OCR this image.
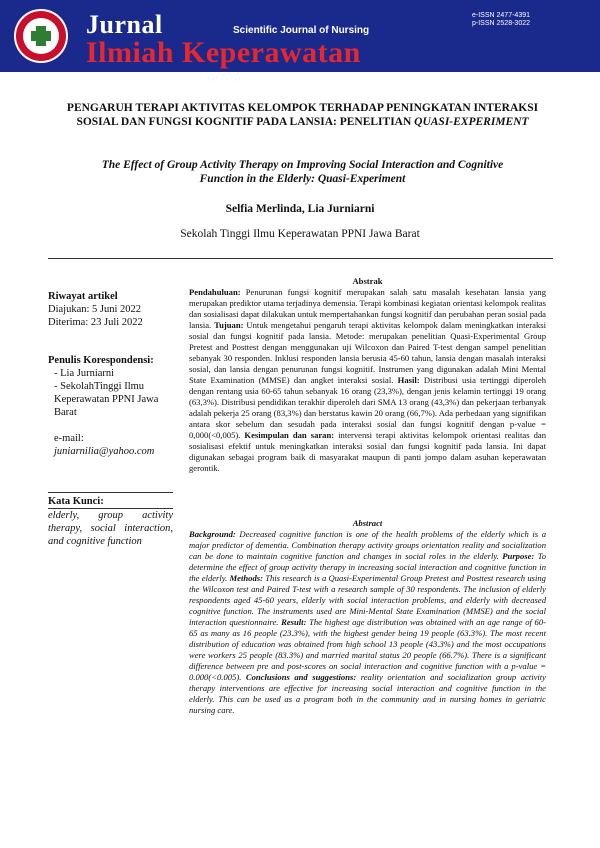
Jurnal
Ilmiah Keperawatan
Scientific Journal of Nursing
e-ISSN 2477-4391
p-ISSN 2528-3022
PENGARUH TERAPI AKTIVITAS KELOMPOK TERHADAP PENINGKATAN INTERAKSI SOSIAL DAN FUNGSI KOGNITIF PADA LANSIA: PENELITIAN QUASI-EXPERIMENT
The Effect of Group Activity Therapy on Improving Social Interaction and Cognitive Function in the Elderly: Quasi-Experiment
Selfia Merlinda, Lia Jurniarni
Sekolah Tinggi Ilmu Keperawatan PPNI Jawa Barat
Riwayat artikel
Diajukan: 5 Juni 2022
Diterima: 23 Juli 2022
Penulis Korespondensi:
- Lia Jurniarni
- SekolahTinggi Ilmu Keperawatan PPNI Jawa Barat
e-mail:
juniarnilia@yahoo.com
Kata Kunci:
elderly, group activity therapy, social interaction, and cognitive function
Abstrak
Pendahuluan: Penurunan fungsi kognitif merupakan salah satu masalah kesehatan lansia yang merupakan prediktor utama terjadinya demensia. Terapi kombinasi kegiatan orientasi kelompok realitas dan sosialisasi dapat dilakukan untuk mempertahankan fungsi kognitif dan perubahan peran sosial pada lansia. Tujuan: Untuk mengetahui pengaruh terapi aktivitas kelompok dalam meningkatkan interaksi sosial dan fungsi kognitif pada lansia. Metode: merupakan penelitian Quasi-Experimental Group Pretest and Posttest dengan menggunakan uji Wilcoxon dan Paired T-test dengan sampel penelitian sebanyak 30 responden. Inklusi responden lansia berusia 45-60 tahun, lansia dengan masalah interaksi sosial, dan lansia dengan penurunan fungsi kognitif. Instrumen yang digunakan adalah Mini Mental State Examination (MMSE) dan angket interaksi sosial. Hasil: Distribusi usia tertinggi diperoleh dengan rentang usia 60-65 tahun sebanyak 16 orang (23,3%), dengan jenis kelamin tertinggi 19 orang (63,3%). Distribusi pendidikan terakhir diperoleh dari SMA 13 orang (43,3%) dan pekerjaan terbanyak adalah pekerja 25 orang (83,3%) dan berstatus kawin 20 orang (66,7%). Ada perbedaan yang signifikan antara skor sebelum dan sesudah pada interaksi sosial dan fungsi kognitif dengan p-value = 0,000(<0,005). Kesimpulan dan saran: intervensi terapi aktivitas kelompok orientasi realitas dan sosialisasi efektif untuk meningkatkan interaksi sosial dan fungsi kognitif pada lansia. Ini dapat digunakan sebagai program baik di masyarakat maupun di panti jompo dalam asuhan keperawatan gerontik.
Abstract
Background: Decreased cognitive function is one of the health problems of the elderly which is a major predictor of dementia. Combination therapy activity groups orientation reality and socialization can be done to maintain cognitive function and changes in social roles in the elderly. Purpose: To determine the effect of group activity therapy in increasing social interaction and cognitive function in the elderly. Methods: This research is a Quasi-Experimental Group Pretest and Posttest research using the Wilcoxon test and Paired T-test with a research sample of 30 respondents. The inclusion of elderly respondents aged 45-60 years, elderly with social interaction problems, and elderly with decreased cognitive function. The instruments used are Mini-Mental State Examination (MMSE) and the social interaction questionnaire. Result: The highest age distribution was obtained with an age range of 60-65 as many as 16 people (23.3%), with the highest gender being 19 people (63.3%). The most recent distribution of education was obtained from high school 13 people (43.3%) and the most occupations were workers 25 people (83.3%) and married marital status 20 people (66.7%). There is a significant difference between pre and post-scores on social interaction and cognitive function with a p-value = 0.000(<0.005). Conclusions and suggestions: reality orientation and socialization group activity therapy interventions are effective for increasing social interaction and cognitive function in the elderly. This can be used as a program both in the community and in nursing homes in geriatric nursing care.
